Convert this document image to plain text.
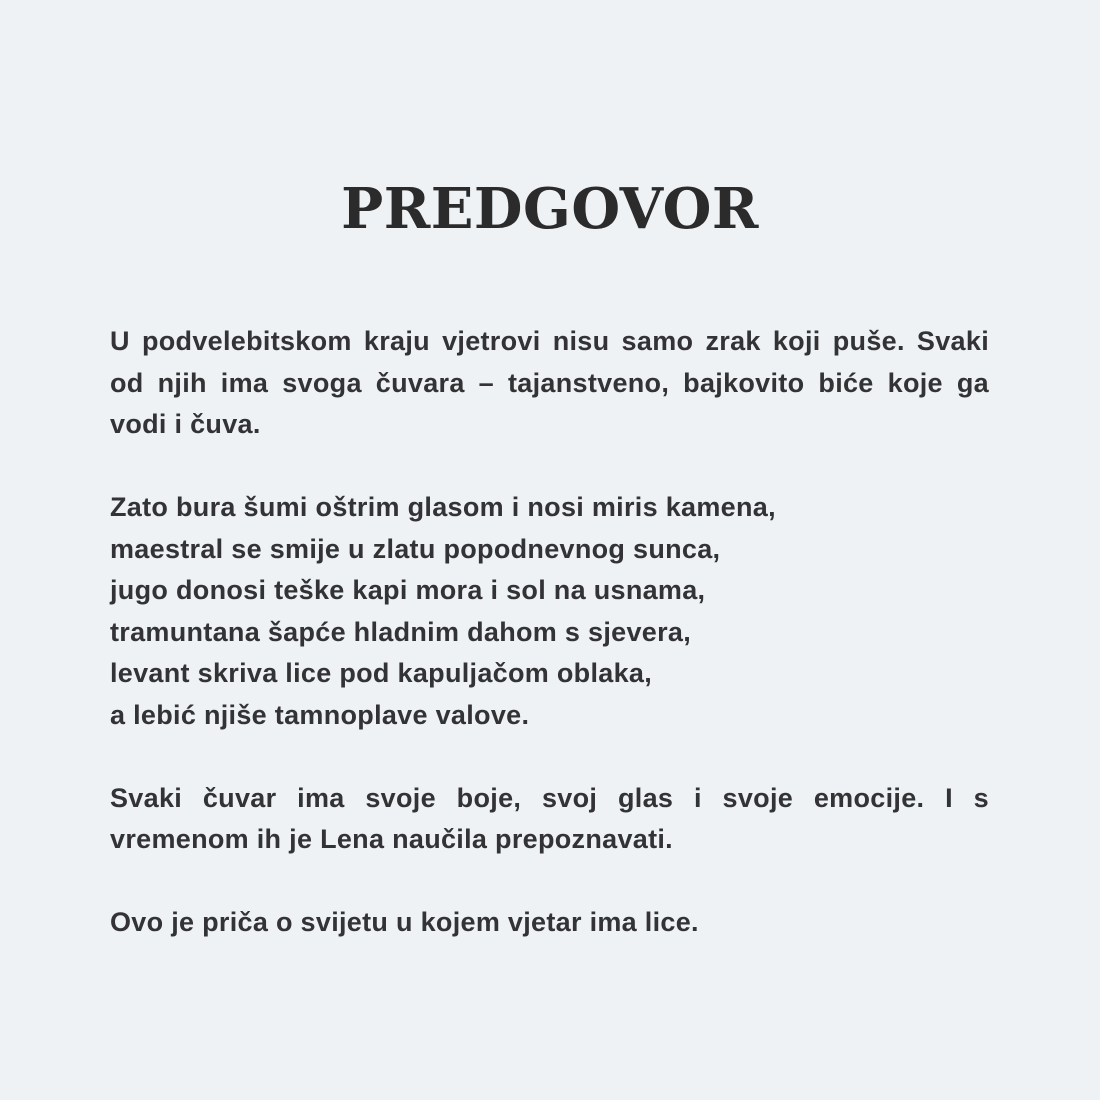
PREDGOVOR

U podvelebitskom kraju vjetrovi nisu samo zrak koji puše. Svaki od njih ima svoga čuvara – tajanstveno, bajkovito biće koje ga vodi i čuva.

Zato bura šumi oštrim glasom i nosi miris kamena,
maestral se smije u zlatu popodnevnog sunca,
jugo donosi teške kapi mora i sol na usnama,
tramuntana šapće hladnim dahom s sjevera,
levant skriva lice pod kapuljačom oblaka,
a lebić njiše tamnoplave valove.

Svaki čuvar ima svoje boje, svoj glas i svoje emocije. I s vremenom ih je Lena naučila prepoznavati.

Ovo je priča o svijetu u kojem vjetar ima lice.
